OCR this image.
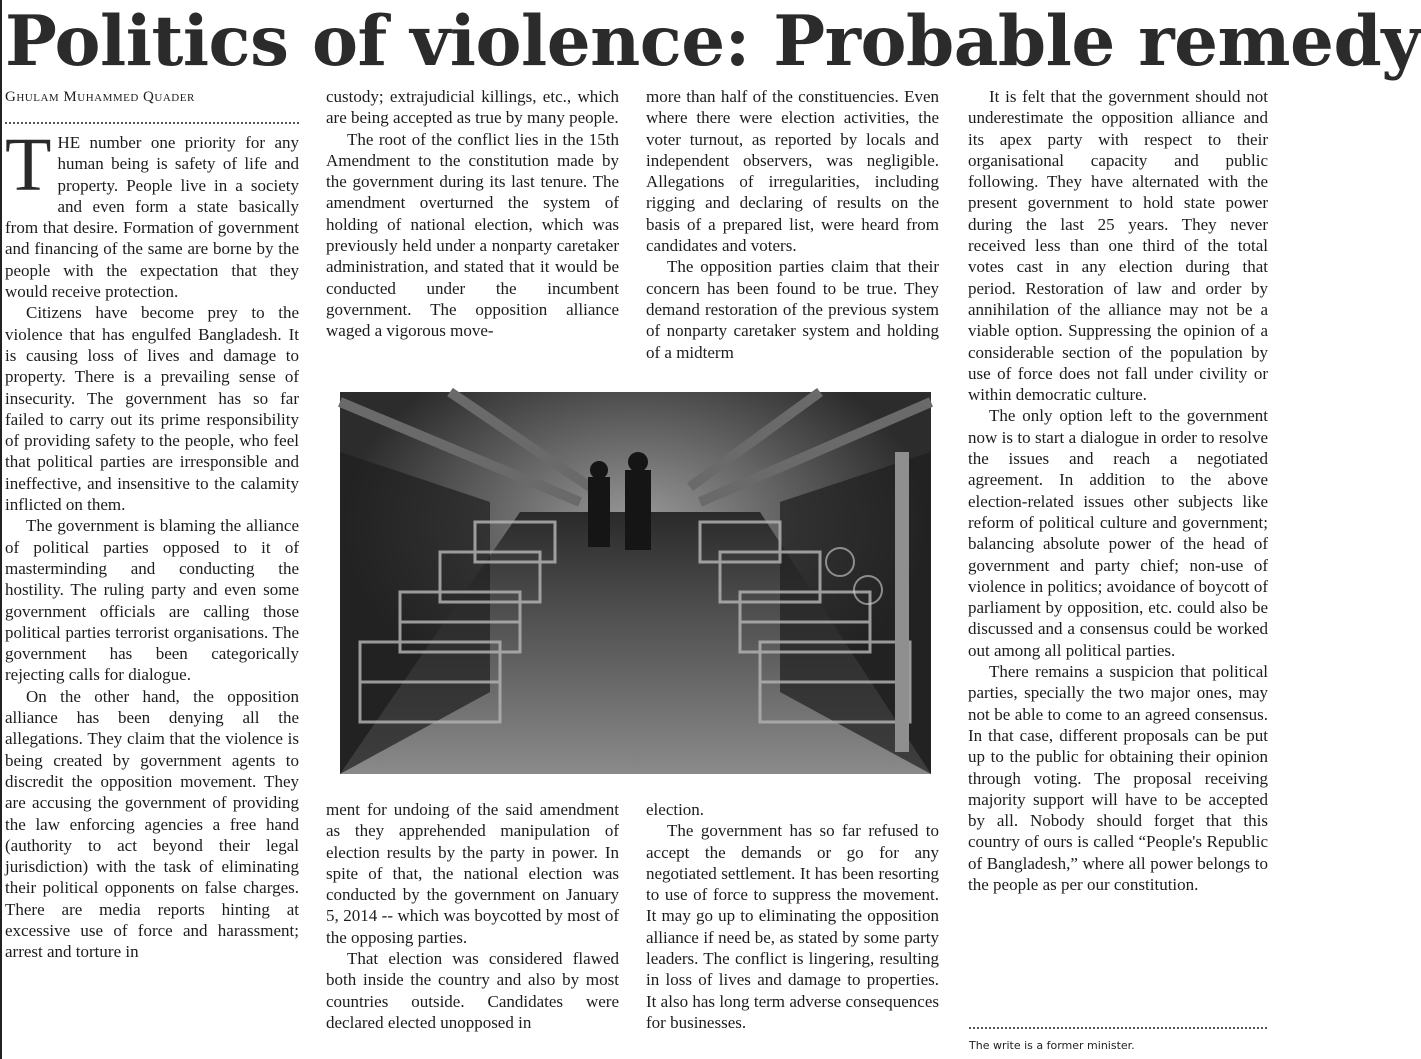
Politics of violence: Probable remedy
Ghulam Muhammed Quader

THE number one priority for any human being is safety of life and property. People live in a society and even form a state basically from that desire. Formation of government and financing of the same are borne by the people with the expectation that they would receive protection.

Citizens have become prey to the violence that has engulfed Bangladesh. It is causing loss of lives and damage to property. There is a prevailing sense of insecurity. The government has so far failed to carry out its prime responsibility of providing safety to the people, who feel that political parties are irresponsible and ineffective, and insensitive to the calamity inflicted on them.

The government is blaming the alliance of political parties opposed to it of masterminding and conducting the hostility. The ruling party and even some government officials are calling those political parties terrorist organisations. The government has been categorically rejecting calls for dialogue.

On the other hand, the opposition alliance has been denying all the allegations. They claim that the violence is being created by government agents to discredit the opposition movement. They are accusing the government of providing the law enforcing agencies a free hand (authority to act beyond their legal jurisdiction) with the task of eliminating their political opponents on false charges. There are media reports hinting at excessive use of force and harassment; arrest and torture in

custody; extrajudicial killings, etc., which are being accepted as true by many people.

The root of the conflict lies in the 15th Amendment to the constitution made by the government during its last tenure. The amendment overturned the system of holding of national election, which was previously held under a nonparty caretaker administration, and stated that it would be conducted under the incumbent government. The opposition alliance waged a vigorous move-

more than half of the constituencies. Even where there were election activities, the voter turnout, as reported by locals and independent observers, was negligible. Allegations of irregularities, including rigging and declaring of results on the basis of a prepared list, were heard from candidates and voters.

The opposition parties claim that their concern has been found to be true. They demand restoration of the previous system of nonparty caretaker system and holding of a midterm

ment for undoing of the said amendment as they apprehended manipulation of election results by the party in power. In spite of that, the national election was conducted by the government on January 5, 2014 -- which was boycotted by most of the opposing parties.

That election was considered flawed both inside the country and also by most countries outside. Candidates were declared elected unopposed in

election.

The government has so far refused to accept the demands or go for any negotiated settlement. It has been resorting to use of force to suppress the movement. It may go up to eliminating the opposition alliance if need be, as stated by some party leaders. The conflict is lingering, resulting in loss of lives and damage to properties. It also has long term adverse consequences for businesses.

It is felt that the government should not underestimate the opposition alliance and its apex party with respect to their organisational capacity and public following. They have alternated with the present government to hold state power during the last 25 years. They never received less than one third of the total votes cast in any election during that period. Restoration of law and order by annihilation of the alliance may not be a viable option. Suppressing the opinion of a considerable section of the population by use of force does not fall under civility or within democratic culture.

The only option left to the government now is to start a dialogue in order to resolve the issues and reach a negotiated agreement. In addition to the above election-related issues other subjects like reform of political culture and government; balancing absolute power of the head of government and party chief; non-use of violence in politics; avoidance of boycott of parliament by opposition, etc. could also be discussed and a consensus could be worked out among all political parties.

There remains a suspicion that political parties, specially the two major ones, may not be able to come to an agreed consensus. In that case, different proposals can be put up to the public for obtaining their opinion through voting. The proposal receiving majority support will have to be accepted by all. Nobody should forget that this country of ours is called “People's Republic of Bangladesh,” where all power belongs to the people as per our constitution.

The write is a former minister.
